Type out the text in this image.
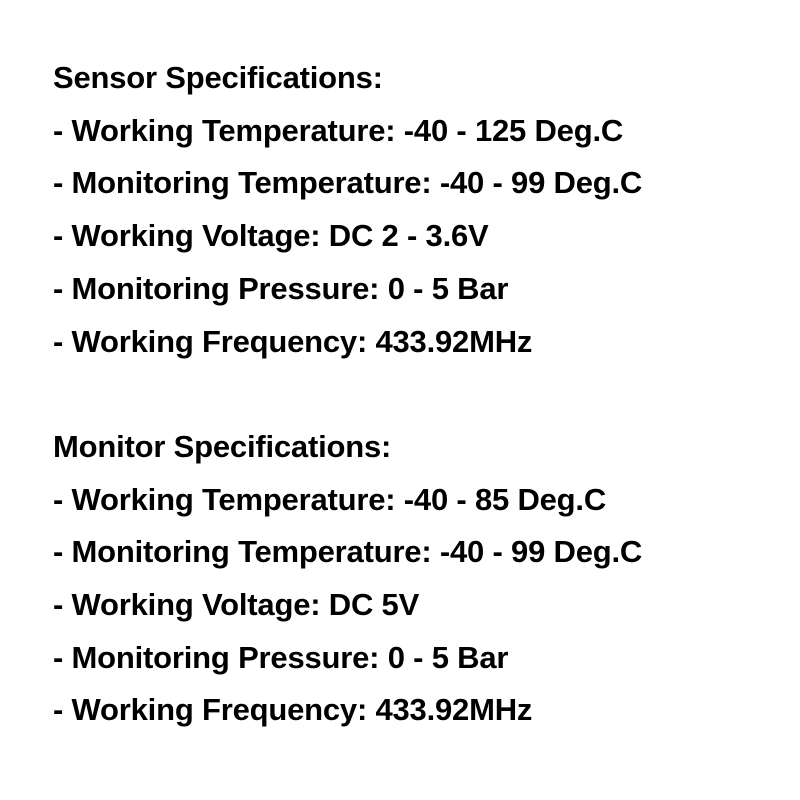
Sensor Specifications:

- Working Temperature: -40 - 125 Deg.C

- Monitoring Temperature: -40 - 99 Deg.C

- Working Voltage: DC 2 - 3.6V

- Monitoring Pressure: 0 - 5 Bar

- Working Frequency: 433.92MHz

Monitor Specifications:

- Working Temperature: -40 - 85 Deg.C

- Monitoring Temperature: -40 - 99 Deg.C

- Working Voltage: DC 5V

- Monitoring Pressure: 0 - 5 Bar

- Working Frequency: 433.92MHz
